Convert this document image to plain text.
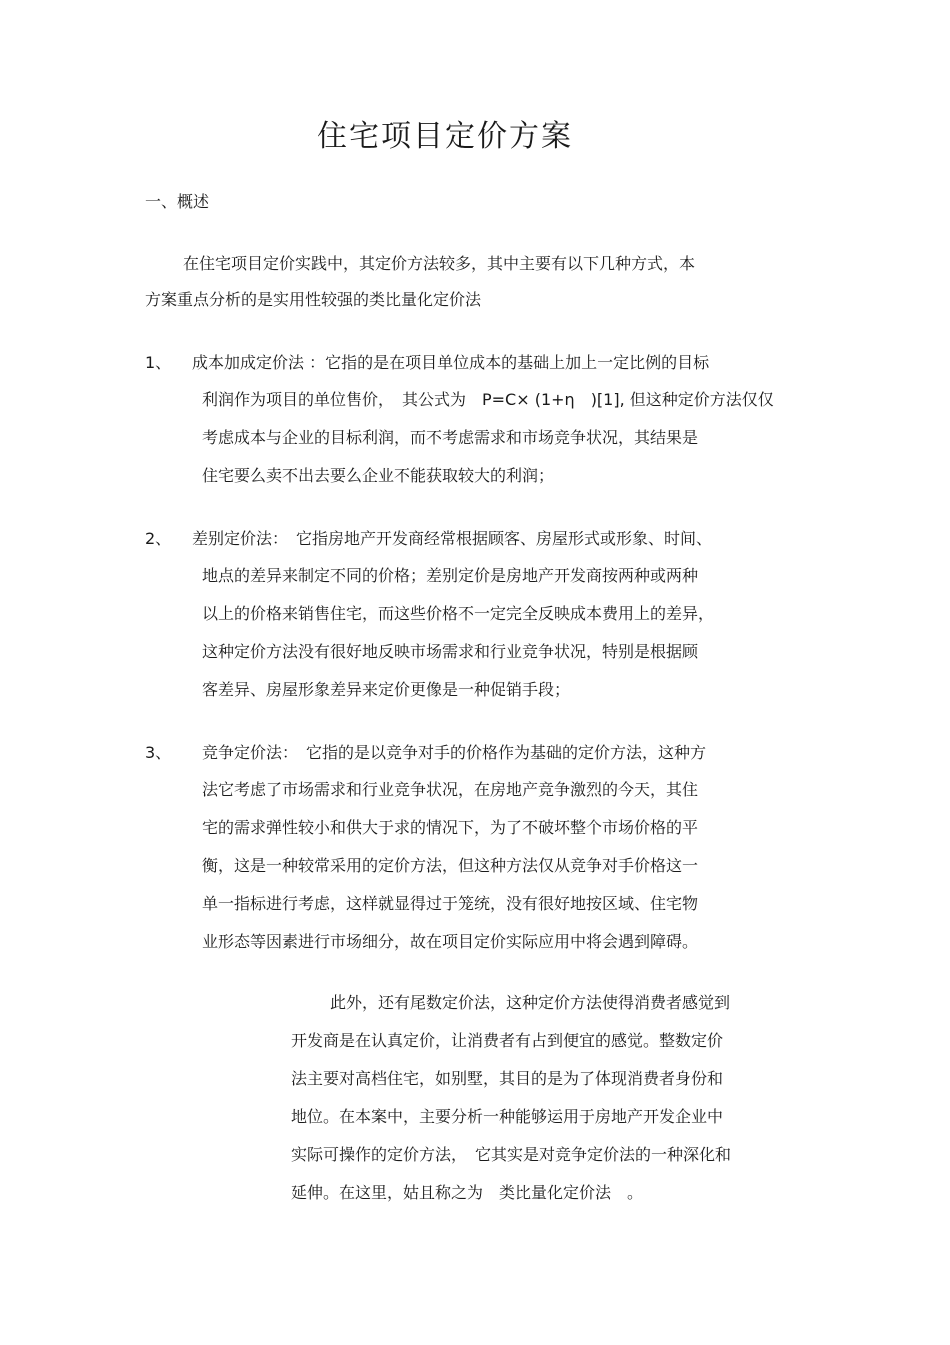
住宅项目定价方案
一、概述
在住宅项目定价实践中，其定价方法较多，其中主要有以下几种方式，本
方案重点分析的是实用性较强的类比量化定价法
1、 成本加成定价法 ：它指的是在项目单位成本的基础上加上一定比例的目标
利润作为项目的单位售价，　其公式为　P=C× (1+η　)[1], 但这种定价方法仅仅
考虑成本与企业的目标利润，而不考虑需求和市场竞争状况，其结果是
住宅要么卖不出去要么企业不能获取较大的利润；
2、 差别定价法：　它指房地产开发商经常根据顾客、房屋形式或形象、时间、
地点的差异来制定不同的价格；差别定价是房地产开发商按两种或两种
以上的价格来销售住宅，而这些价格不一定完全反映成本费用上的差异，
这种定价方法没有很好地反映市场需求和行业竞争状况，特别是根据顾
客差异、房屋形象差异来定价更像是一种促销手段；
3、 竞争定价法：　它指的是以竞争对手的价格作为基础的定价方法，这种方
法它考虑了市场需求和行业竞争状况，在房地产竞争激烈的今天，其住
宅的需求弹性较小和供大于求的情况下，为了不破坏整个市场价格的平
衡，这是一种较常采用的定价方法，但这种方法仅从竞争对手价格这一
单一指标进行考虑，这样就显得过于笼统，没有很好地按区域、住宅物
业形态等因素进行市场细分，故在项目定价实际应用中将会遇到障碍。
此外，还有尾数定价法，这种定价方法使得消费者感觉到
开发商是在认真定价，让消费者有占到便宜的感觉。整数定价
法主要对高档住宅，如别墅，其目的是为了体现消费者身份和
地位。在本案中，主要分析一种能够运用于房地产开发企业中
实际可操作的定价方法，　它其实是对竞争定价法的一种深化和
延伸。在这里，姑且称之为　类比量化定价法　。
